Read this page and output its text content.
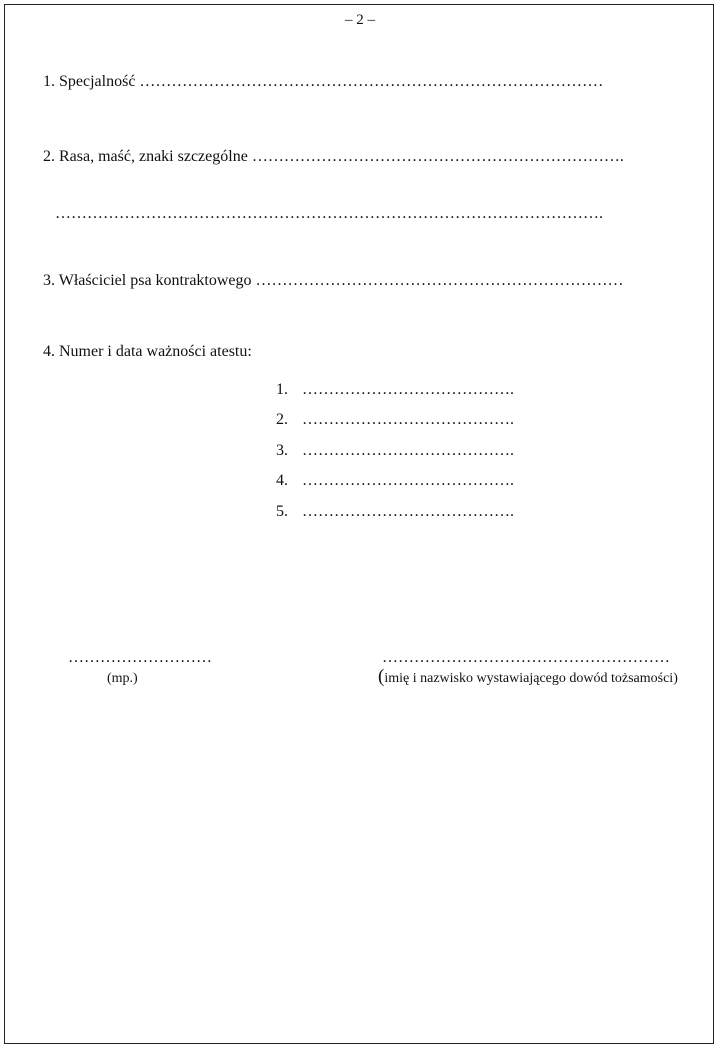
– 2 –
1. Specjalność ……………………………………………………………………………
2. Rasa, maść, znaki szczególne …………………………………………………………….
………………………………………………………………………………………….
3. Właściciel psa kontraktowego ……………………………………………………………
4. Numer i data ważności atestu:
1. ………………………………….
2. ………………………………….
3. ………………………………….
4. ………………………………….
5. ………………………………….
………………………
(mp.)
………………………………………………
(imię i nazwisko wystawiającego dowód tożsamości)
